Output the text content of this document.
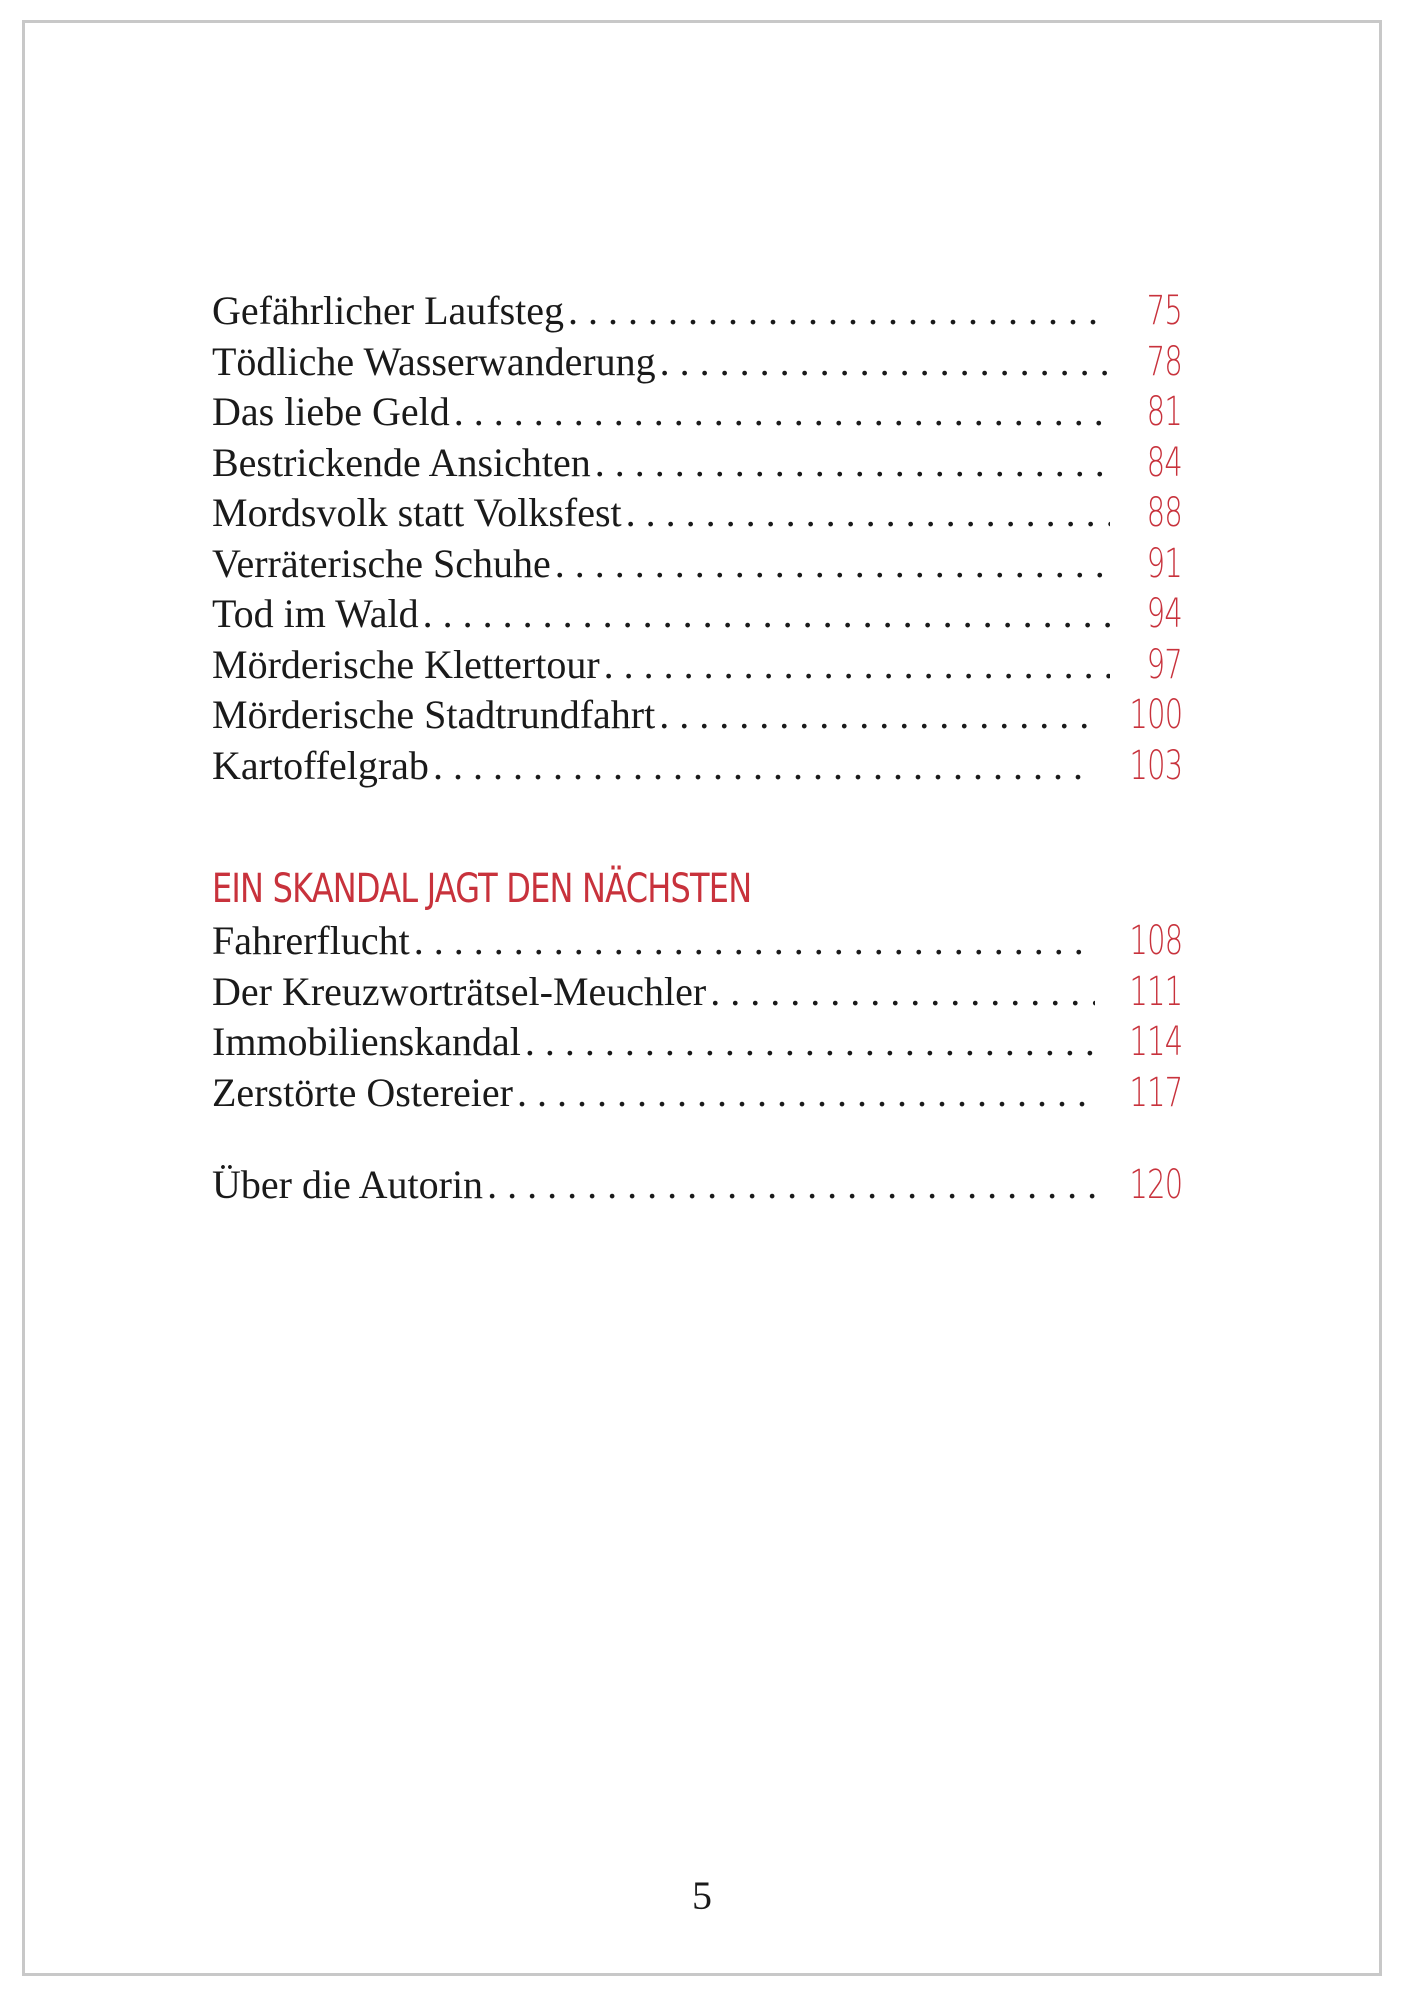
Gefährlicher Laufsteg . . .	75
Tödliche Wasserwanderung . . .	78
Das liebe Geld . . .	81
Bestrickende Ansichten . . .	84
Mordsvolk statt Volksfest . . .	88
Verräterische Schuhe . . .	91
Tod im Wald . . .	94
Mörderische Klettertour . . .	97
Mörderische Stadtrundfahrt . . .	100
Kartoffelgrab . . .	103
EIN SKANDAL JAGT DEN NÄCHSTEN
Fahrerflucht . . .	108
Der Kreuzworträtsel-Meuchler . . .	111
Immobilienskandal . . .	114
Zerstörte Ostereier . . .	117
Über die Autorin . . .	120
5
